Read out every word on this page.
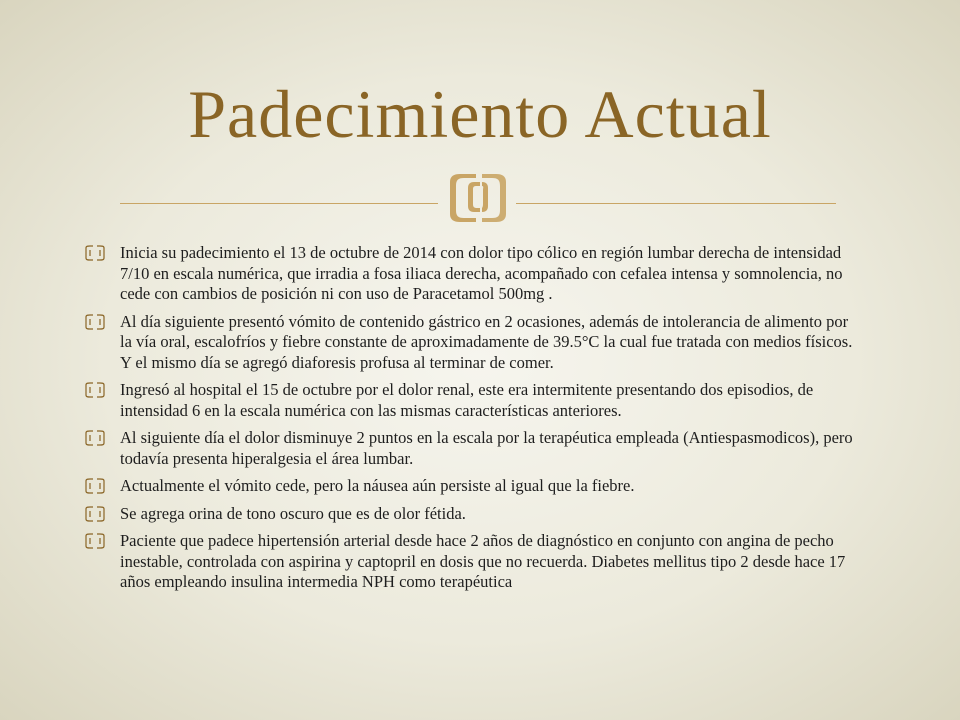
Padecimiento Actual
Inicia su padecimiento el 13 de octubre de 2014 con dolor tipo cólico en región lumbar derecha de intensidad 7/10 en escala numérica, que irradia a fosa iliaca derecha, acompañado con cefalea intensa y somnolencia, no cede con cambios de posición ni con uso de Paracetamol 500mg .
Al día siguiente presentó vómito de contenido gástrico en 2 ocasiones, además de intolerancia de alimento por la vía oral, escalofríos y fiebre constante de aproximadamente de 39.5°C la cual fue tratada con medios físicos. Y el mismo día se agregó diaforesis profusa al terminar de comer.
Ingresó al hospital el 15 de octubre por el dolor renal, este era intermitente presentando dos episodios, de intensidad 6 en la escala numérica con las mismas características anteriores.
Al siguiente día el dolor disminuye 2 puntos en la escala por la terapéutica empleada (Antiespasmodicos), pero todavía presenta hiperalgesia el área lumbar.
Actualmente el vómito cede, pero la náusea aún persiste al igual que la fiebre.
Se agrega orina de tono oscuro que es de olor fétida.
Paciente que padece hipertensión arterial desde hace 2 años de diagnóstico en conjunto con angina de pecho inestable, controlada con aspirina y captopril en dosis que no recuerda. Diabetes mellitus tipo 2 desde hace 17 años empleando insulina intermedia NPH como terapéutica
